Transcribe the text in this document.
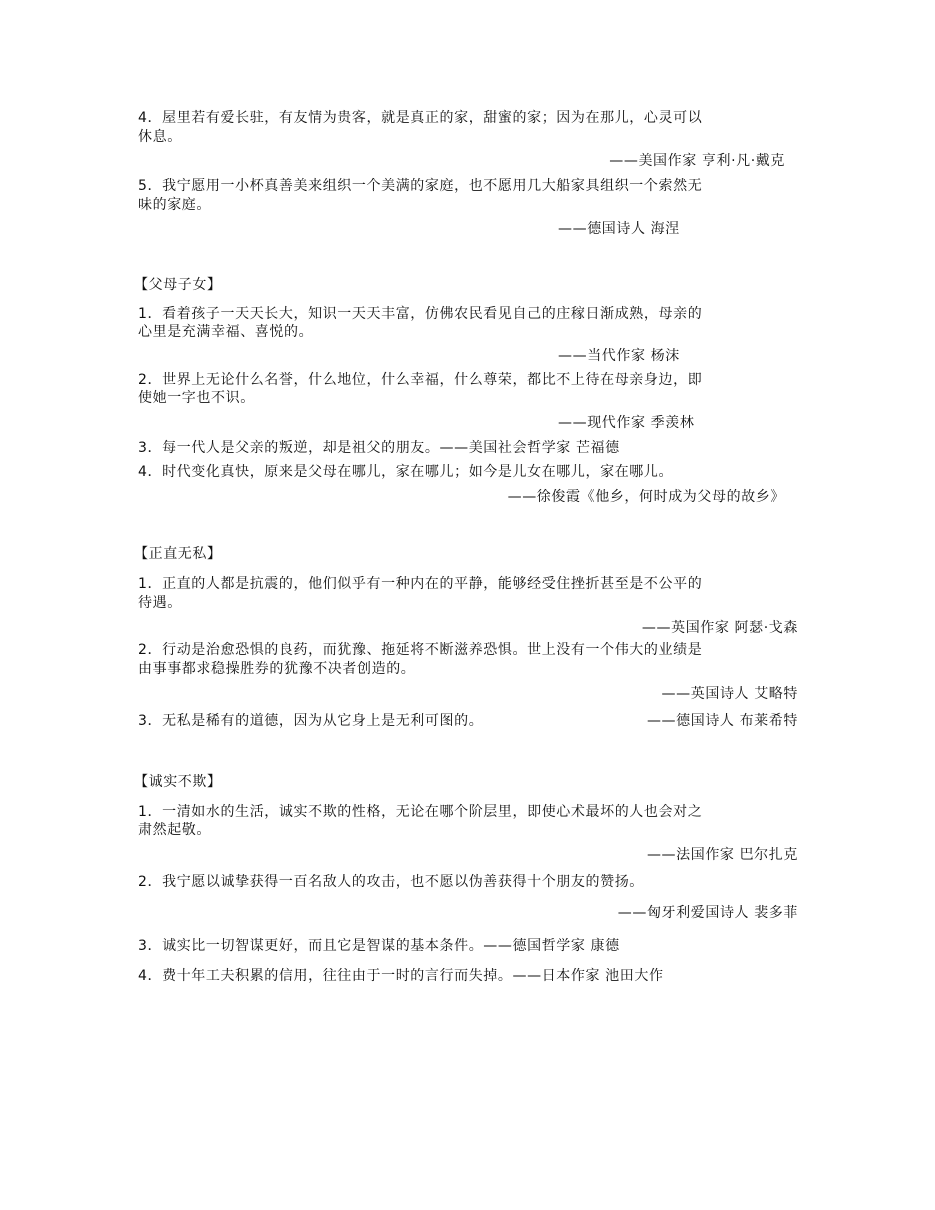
4．屋里若有爱长驻，有友情为贵客，就是真正的家，甜蜜的家；因为在那儿，心灵可以
休息。
——美国作家 亨利·凡·戴克
5．我宁愿用一小杯真善美来组织一个美满的家庭，也不愿用几大船家具组织一个索然无
味的家庭。
——德国诗人 海涅
【父母子女】
1．看着孩子一天天长大，知识一天天丰富，仿佛农民看见自己的庄稼日渐成熟，母亲的
心里是充满幸福、喜悦的。
——当代作家 杨沫
2．世界上无论什么名誉，什么地位，什么幸福，什么尊荣，都比不上待在母亲身边，即
使她一字也不识。
——现代作家 季羡林
3．每一代人是父亲的叛逆，却是祖父的朋友。——美国社会哲学家 芒福德
4．时代变化真快，原来是父母在哪儿，家在哪儿；如今是儿女在哪儿，家在哪儿。
——徐俊霞《他乡，何时成为父母的故乡》
【正直无私】
1．正直的人都是抗震的，他们似乎有一种内在的平静，能够经受住挫折甚至是不公平的
待遇。
——英国作家 阿瑟·戈森
2．行动是治愈恐惧的良药，而犹豫、拖延将不断滋养恐惧。世上没有一个伟大的业绩是
由事事都求稳操胜券的犹豫不决者创造的。
——英国诗人 艾略特
3．无私是稀有的道德，因为从它身上是无利可图的。	——德国诗人 布莱希特
【诚实不欺】
1．一清如水的生活，诚实不欺的性格，无论在哪个阶层里，即使心术最坏的人也会对之
肃然起敬。
——法国作家 巴尔扎克
2．我宁愿以诚挚获得一百名敌人的攻击，也不愿以伪善获得十个朋友的赞扬。
——匈牙利爱国诗人 裴多菲
3．诚实比一切智谋更好，而且它是智谋的基本条件。——德国哲学家 康德
4．费十年工夫积累的信用，往往由于一时的言行而失掉。——日本作家 池田大作
